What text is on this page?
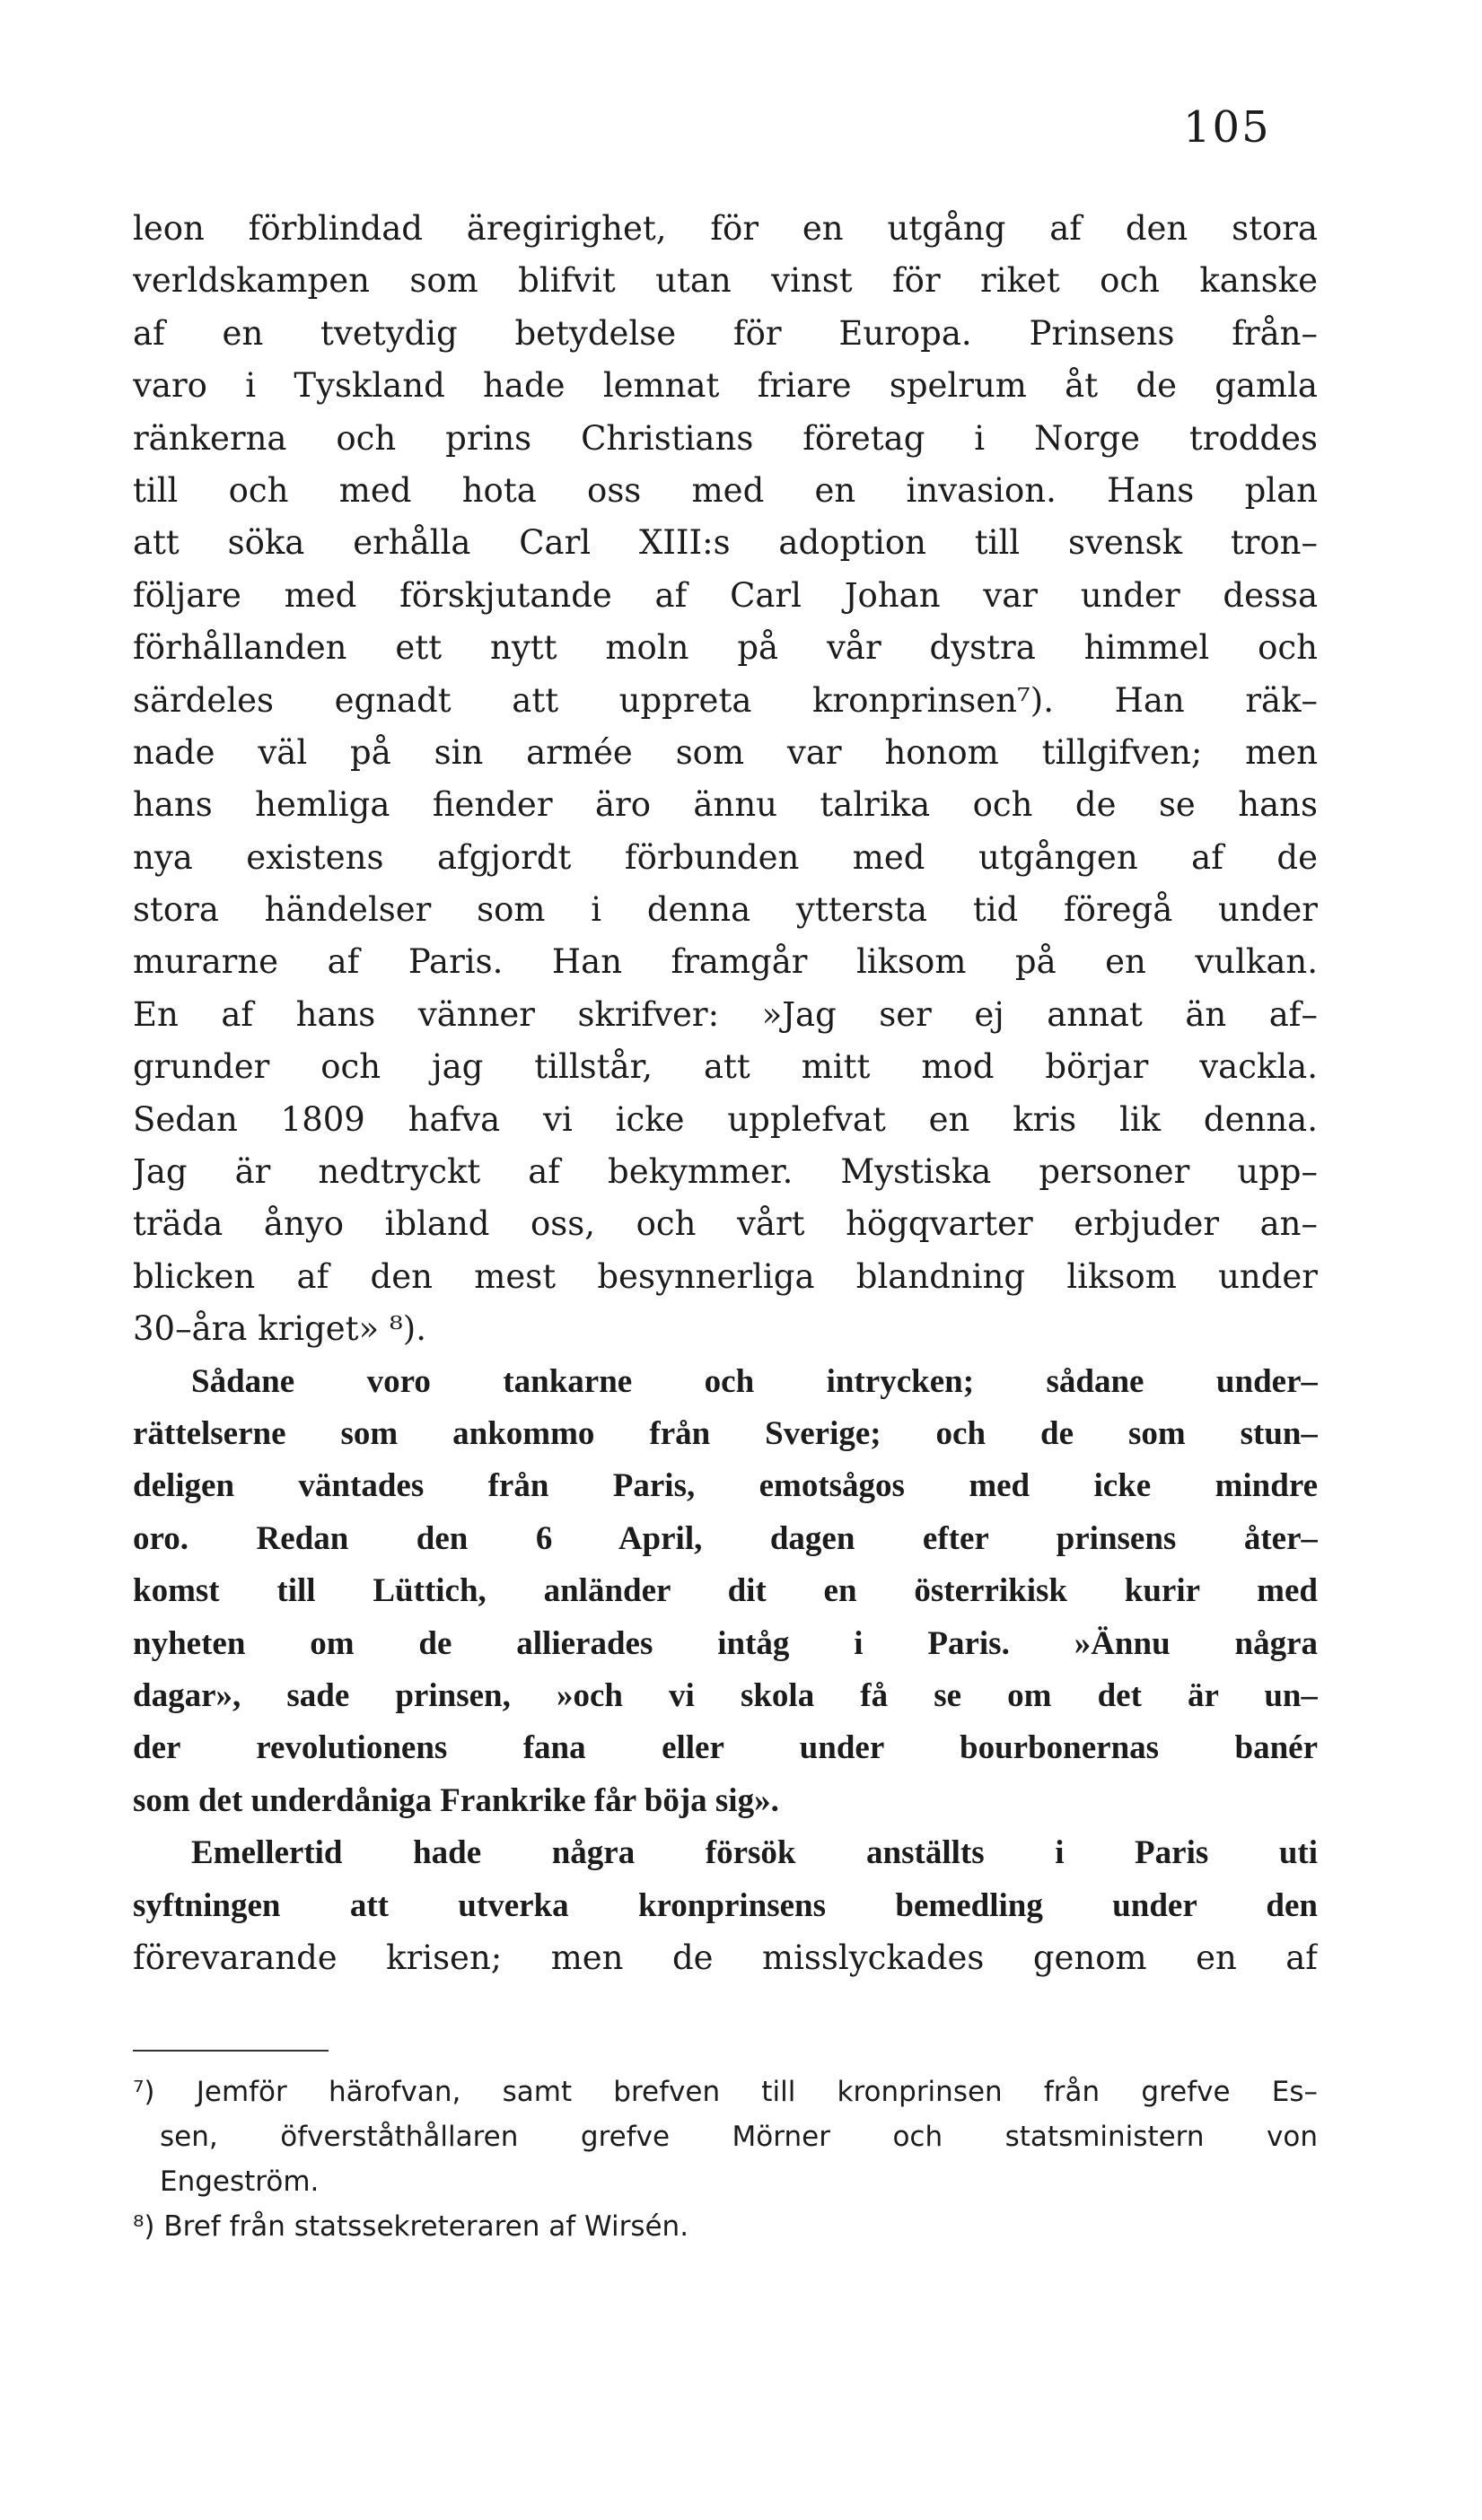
105
leon förblindad äregirighet, för en utgång af den stora
verldskampen som blifvit utan vinst för riket och kanske
af en tvetydig betydelse för Europa. Prinsens från–
varo i Tyskland hade lemnat friare spelrum åt de gamla
ränkerna och prins Christians företag i Norge troddes
till och med hota oss med en invasion. Hans plan
att söka erhålla Carl XIII:s adoption till svensk tron–
följare med förskjutande af Carl Johan var under dessa
förhållanden ett nytt moln på vår dystra himmel och
särdeles egnadt att uppreta kronprinsen⁷). Han räk–
nade väl på sin armée som var honom tillgifven; men
hans hemliga fiender äro ännu talrika och de se hans
nya existens afgjordt förbunden med utgången af de
stora händelser som i denna yttersta tid föregå under
murarne af Paris. Han framgår liksom på en vulkan.
En af hans vänner skrifver: »Jag ser ej annat än af–
grunder och jag tillstår, att mitt mod börjar vackla.
Sedan 1809 hafva vi icke upplefvat en kris lik denna.
Jag är nedtryckt af bekymmer. Mystiska personer upp–
träda ånyo ibland oss, och vårt högqvarter erbjuder an–
blicken af den mest besynnerliga blandning liksom under
30–åra kriget» ⁸).
Sådane voro tankarne och intrycken; sådane under–
rättelserne som ankommo från Sverige; och de som stun–
deligen väntades från Paris, emotsågos med icke mindre
oro. Redan den 6 April, dagen efter prinsens åter–
komst till Lüttich, anländer dit en österrikisk kurir med
nyheten om de allierades intåg i Paris. »Ännu några
dagar», sade prinsen, »och vi skola få se om det är un–
der revolutionens fana eller under bourbonernas banér
som det underdåniga Frankrike får böja sig».
Emellertid hade några försök anställts i Paris uti
syftningen att utverka kronprinsens bemedling under den
förevarande krisen; men de misslyckades genom en af
⁷) Jemför härofvan, samt brefven till kronprinsen från grefve Es–
sen, öfverståthållaren grefve Mörner och statsministern von
Engeström.
⁸) Bref från statssekreteraren af Wirsén.
